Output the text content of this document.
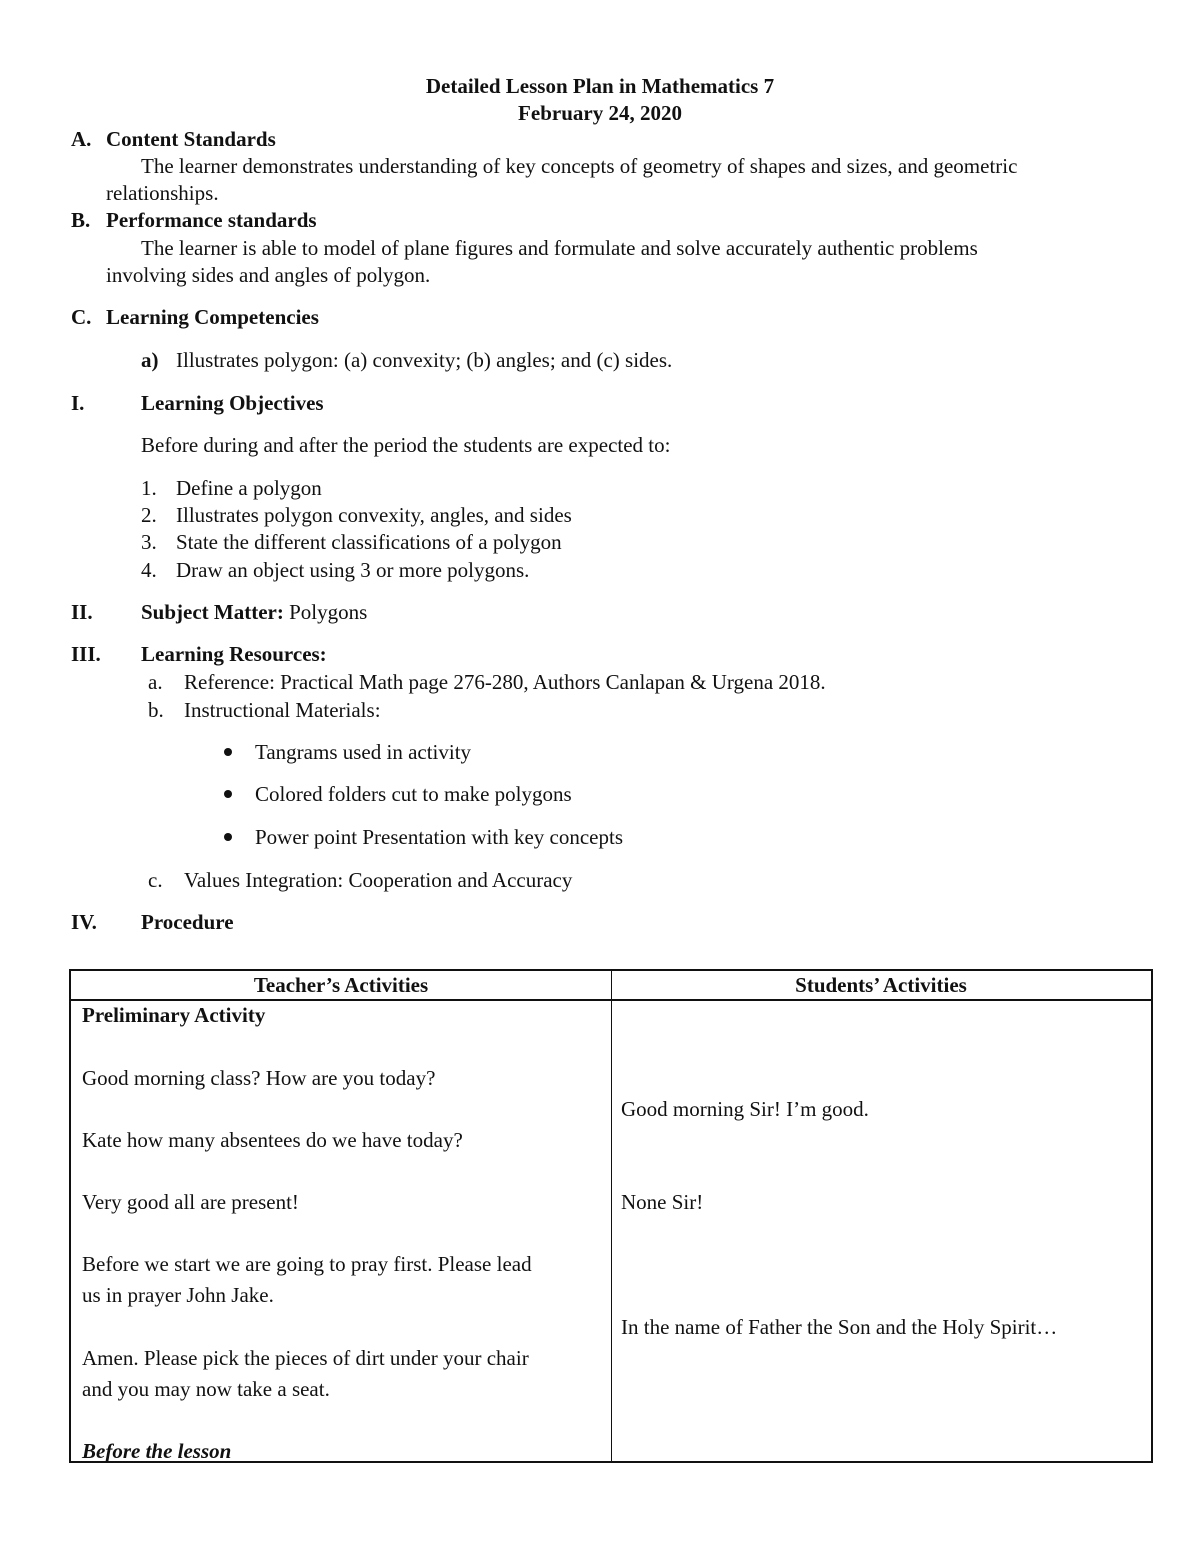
Detailed Lesson Plan in Mathematics 7
February 24, 2020
A. Content Standards
The learner demonstrates understanding of key concepts of geometry of shapes and sizes, and geometric
relationships.
B. Performance standards
The learner is able to model of plane figures and formulate and solve accurately authentic problems
involving sides and angles of polygon.
C. Learning Competencies
a) Illustrates polygon: (a) convexity; (b) angles; and (c) sides.
I.	Learning Objectives
Before during and after the period the students are expected to:
1. Define a polygon
2. Illustrates polygon convexity, angles, and sides
3. State the different classifications of a polygon
4. Draw an object using 3 or more polygons.
II. Subject Matter: Polygons
III. Learning Resources:
a. Reference: Practical Math page 276-280, Authors Canlapan & Urgena 2018.
b. Instructional Materials:
Tangrams used in activity
Colored folders cut to make polygons
Power point Presentation with key concepts
c. Values Integration: Cooperation and Accuracy
IV. Procedure
Teacher’s Activities	Students’ Activities
Preliminary Activity
Good morning class? How are you today?
Kate how many absentees do we have today?
Very good all are present!
Before we start we are going to pray first. Please lead
us in prayer John Jake.
Amen. Please pick the pieces of dirt under your chair
and you may now take a seat.
Before the lesson
Good morning Sir! I’m good.
None Sir!
In the name of Father the Son and the Holy Spirit…
